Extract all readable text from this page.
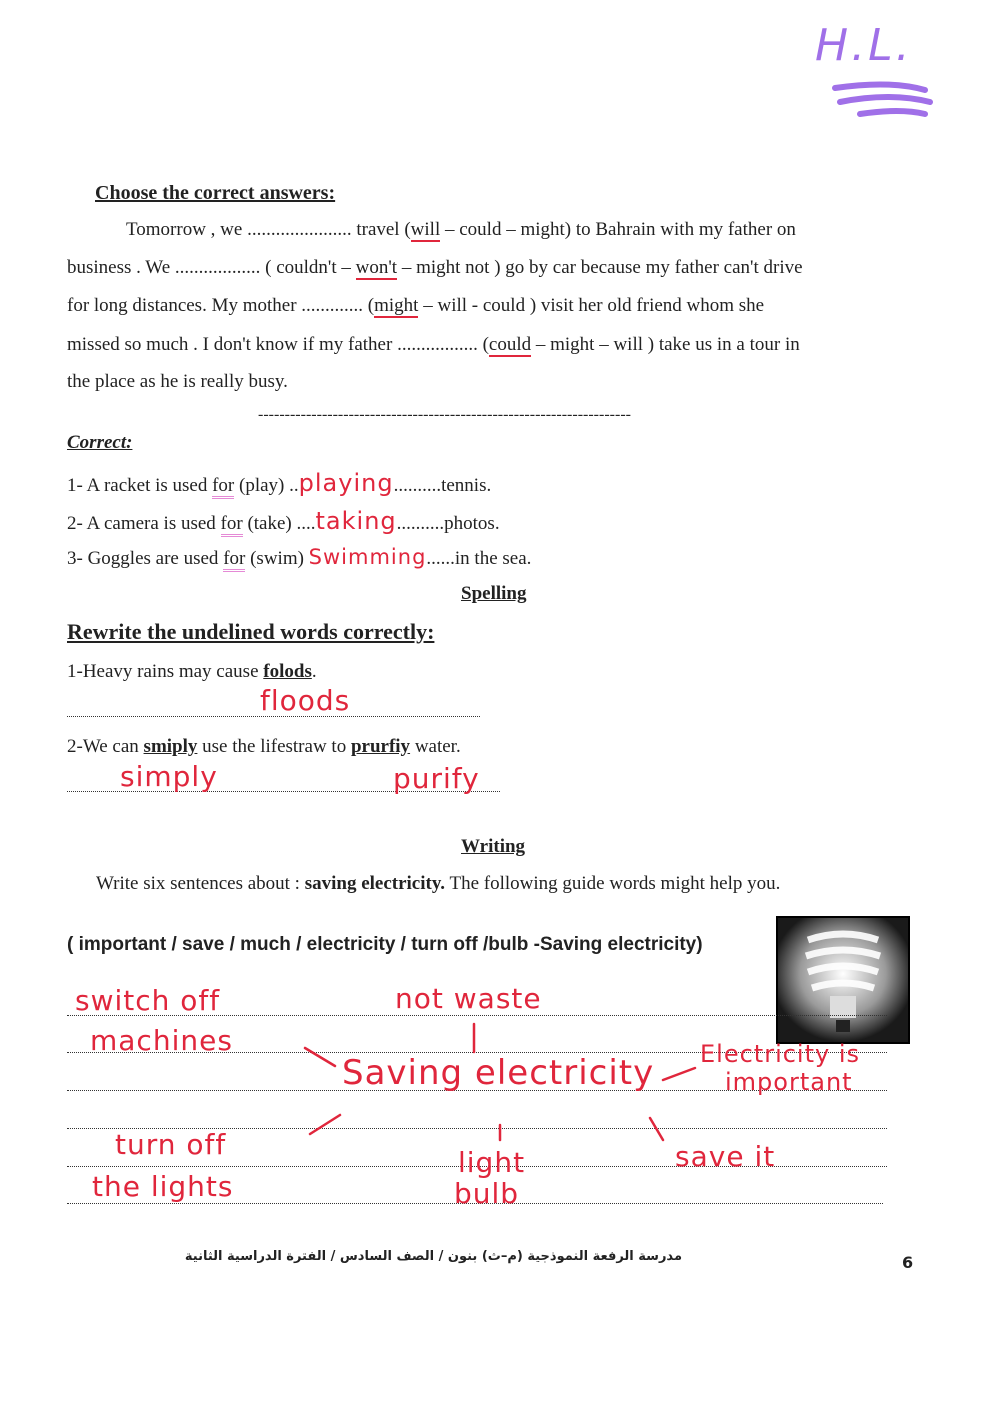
H.L.
Choose the correct answers:
Tomorrow , we ...................... travel (will – could – might) to Bahrain with my father on
business . We .................. ( couldn't – won't – might not ) go by car because my father can't drive
for long distances. My mother ............. (might – will - could ) visit her old friend whom she
missed so much . I don't know if my father ................. (could – might – will ) take us in a tour in
the place as he is really busy.
----------------------------------------------------------------------
Correct:
1- A racket is used for (play) ..playing..........tennis.
2- A camera is used for (take) ....taking..........photos.
3- Goggles are used for (swim) Swimming......in the sea.
Spelling
Rewrite the undelined words correctly:
1-Heavy rains may cause folods.
floods
2-We can smiply use the lifestraw to prurfiy water.
simply	purify
Writing
Write six sentences about : saving electricity. The following guide words might help you.
( important / save / much / electricity / turn off /bulb -Saving electricity)
switch off	not waste
machines
Saving electricity Electricity is
important
turn off
light	save it
the lights	bulb
مدرسة الرفعة النموذجية (م–ث) بنون / الصف السادس / الفترة الدراسية الثانية	6
